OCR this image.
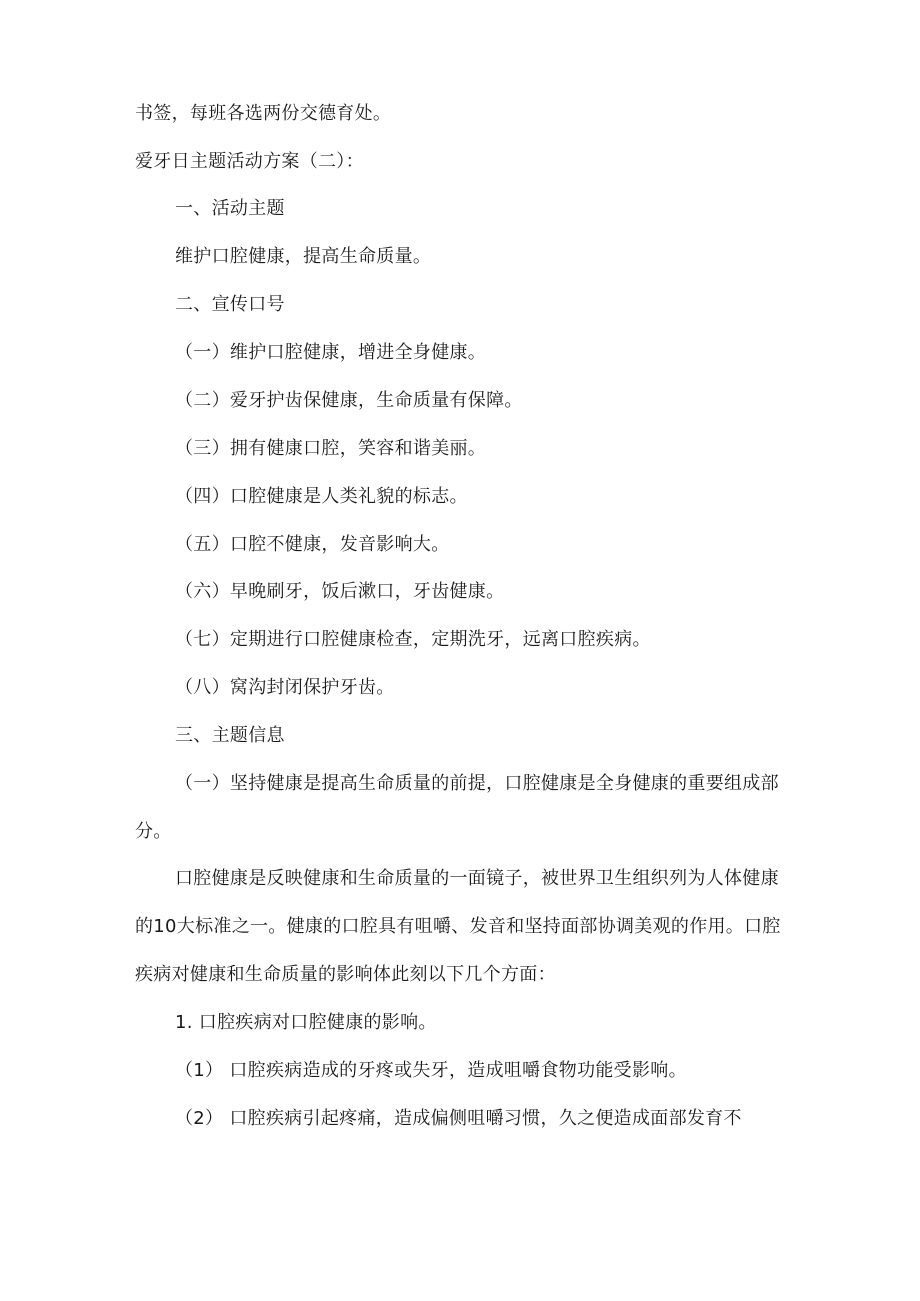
书签，每班各选两份交德育处。
爱牙日主题活动方案（二）：
一、活动主题
维护口腔健康，提高生命质量。
二、宣传口号
（一）维护口腔健康，增进全身健康。
（二）爱牙护齿保健康，生命质量有保障。
（三）拥有健康口腔，笑容和谐美丽。
（四）口腔健康是人类礼貌的标志。
（五）口腔不健康，发音影响大。
（六）早晚刷牙，饭后漱口，牙齿健康。
（七）定期进行口腔健康检查，定期洗牙，远离口腔疾病。
（八）窝沟封闭保护牙齿。
三、主题信息
（一）坚持健康是提高生命质量的前提，口腔健康是全身健康的重要组成部
分。
口腔健康是反映健康和生命质量的一面镜子，被世界卫生组织列为人体健康
的10大标准之一。健康的口腔具有咀嚼、发音和坚持面部协调美观的作用。口腔
疾病对健康和生命质量的影响体此刻以下几个方面：
1. 口腔疾病对口腔健康的影响。
（1） 口腔疾病造成的牙疼或失牙，造成咀嚼食物功能受影响。
（2） 口腔疾病引起疼痛，造成偏侧咀嚼习惯，久之便造成面部发育不
